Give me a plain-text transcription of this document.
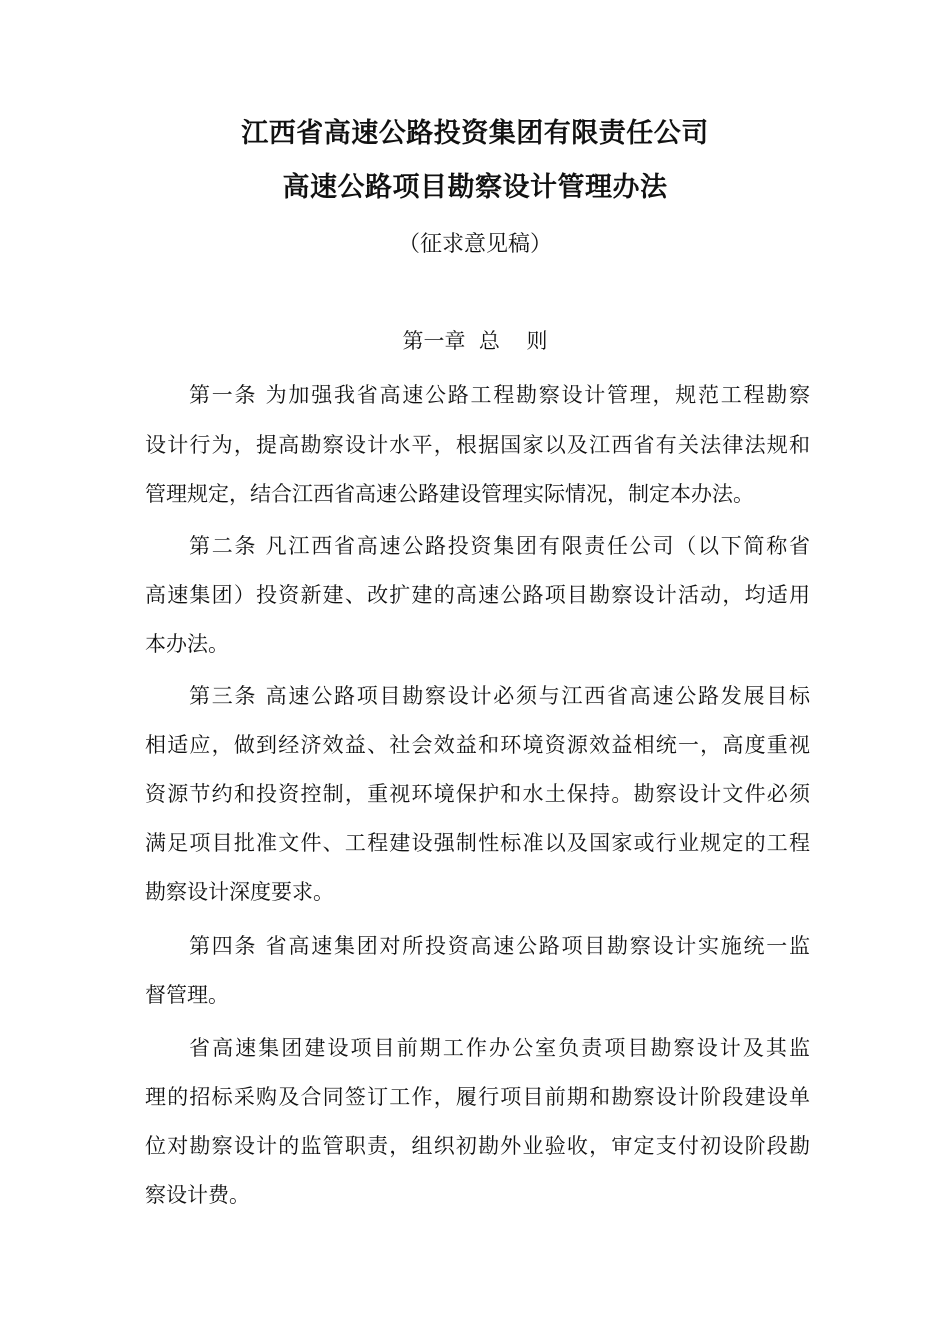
江西省高速公路投资集团有限责任公司
高速公路项目勘察设计管理办法
（征求意见稿）
第一章  总    则
第一条 为加强我省高速公路工程勘察设计管理，规范工程勘察
设计行为，提高勘察设计水平，根据国家以及江西省有关法律法规和
管理规定，结合江西省高速公路建设管理实际情况，制定本办法。
第二条 凡江西省高速公路投资集团有限责任公司（以下简称省
高速集团）投资新建、改扩建的高速公路项目勘察设计活动，均适用
本办法。
第三条 高速公路项目勘察设计必须与江西省高速公路发展目标
相适应，做到经济效益、社会效益和环境资源效益相统一，高度重视
资源节约和投资控制，重视环境保护和水土保持。勘察设计文件必须
满足项目批准文件、工程建设强制性标准以及国家或行业规定的工程
勘察设计深度要求。
第四条 省高速集团对所投资高速公路项目勘察设计实施统一监
督管理。
省高速集团建设项目前期工作办公室负责项目勘察设计及其监
理的招标采购及合同签订工作，履行项目前期和勘察设计阶段建设单
位对勘察设计的监管职责，组织初勘外业验收，审定支付初设阶段勘
察设计费。
